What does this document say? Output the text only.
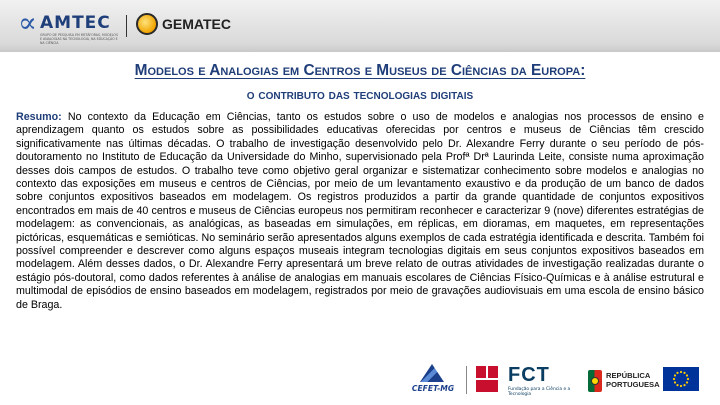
∝ AMTEC
GRUPO DE PESQUISA EM METÁFORAS, MODELOS E ANALOGIAS NA TECNOLOGIA, NA EDUCAÇÃO E NA CIÊNCIA
GEMATEC
Modelos e Analogias em Centros e Museus de Ciências da Europa:
o contributo das tecnologias digitais
Resumo: No contexto da Educação em Ciências, tanto os estudos sobre o uso de modelos e analogias nos processos de ensino e aprendizagem quanto os estudos sobre as possibilidades educativas oferecidas por centros e museus de Ciências têm crescido significativamente nas últimas décadas. O trabalho de investigação desenvolvido pelo Dr. Alexandre Ferry durante o seu período de pós-doutoramento no Instituto de Educação da Universidade do Minho, supervisionado pela Profª Drª Laurinda Leite, consiste numa aproximação desses dois campos de estudos. O trabalho teve como objetivo geral organizar e sistematizar conhecimento sobre modelos e analogias no contexto das exposições em museus e centros de Ciências, por meio de um levantamento exaustivo e da produção de um banco de dados sobre conjuntos expositivos baseados em modelagem. Os registros produzidos a partir da grande quantidade de conjuntos expositivos encontrados em mais de 40 centros e museus de Ciências europeus nos permitiram reconhecer e caracterizar 9 (nove) diferentes estratégias de modelagem: as convencionais, as analógicas, as baseadas em simulações, em réplicas, em dioramas, em maquetes, em representações pictóricas, esquemáticas e semióticas. No seminário serão apresentados alguns exemplos de cada estratégia identificada e descrita. Também foi possível compreender e descrever como alguns espaços museais integram tecnologias digitais em seus conjuntos expositivos baseados em modelagem. Além desses dados, o Dr. Alexandre Ferry apresentará um breve relato de outras atividades de investigação realizadas durante o estágio pós-doutoral, como dados referentes à análise de analogias em manuais escolares de Ciências Físico-Químicas e à análise estrutural e multimodal de episódios de ensino baseados em modelagem, registrados por meio de gravações audiovisuais em uma escola de ensino básico de Braga.
CEFET-MG
FCT
Fundação para a Ciência e a Tecnologia
REPÚBLICA
PORTUGUESA
